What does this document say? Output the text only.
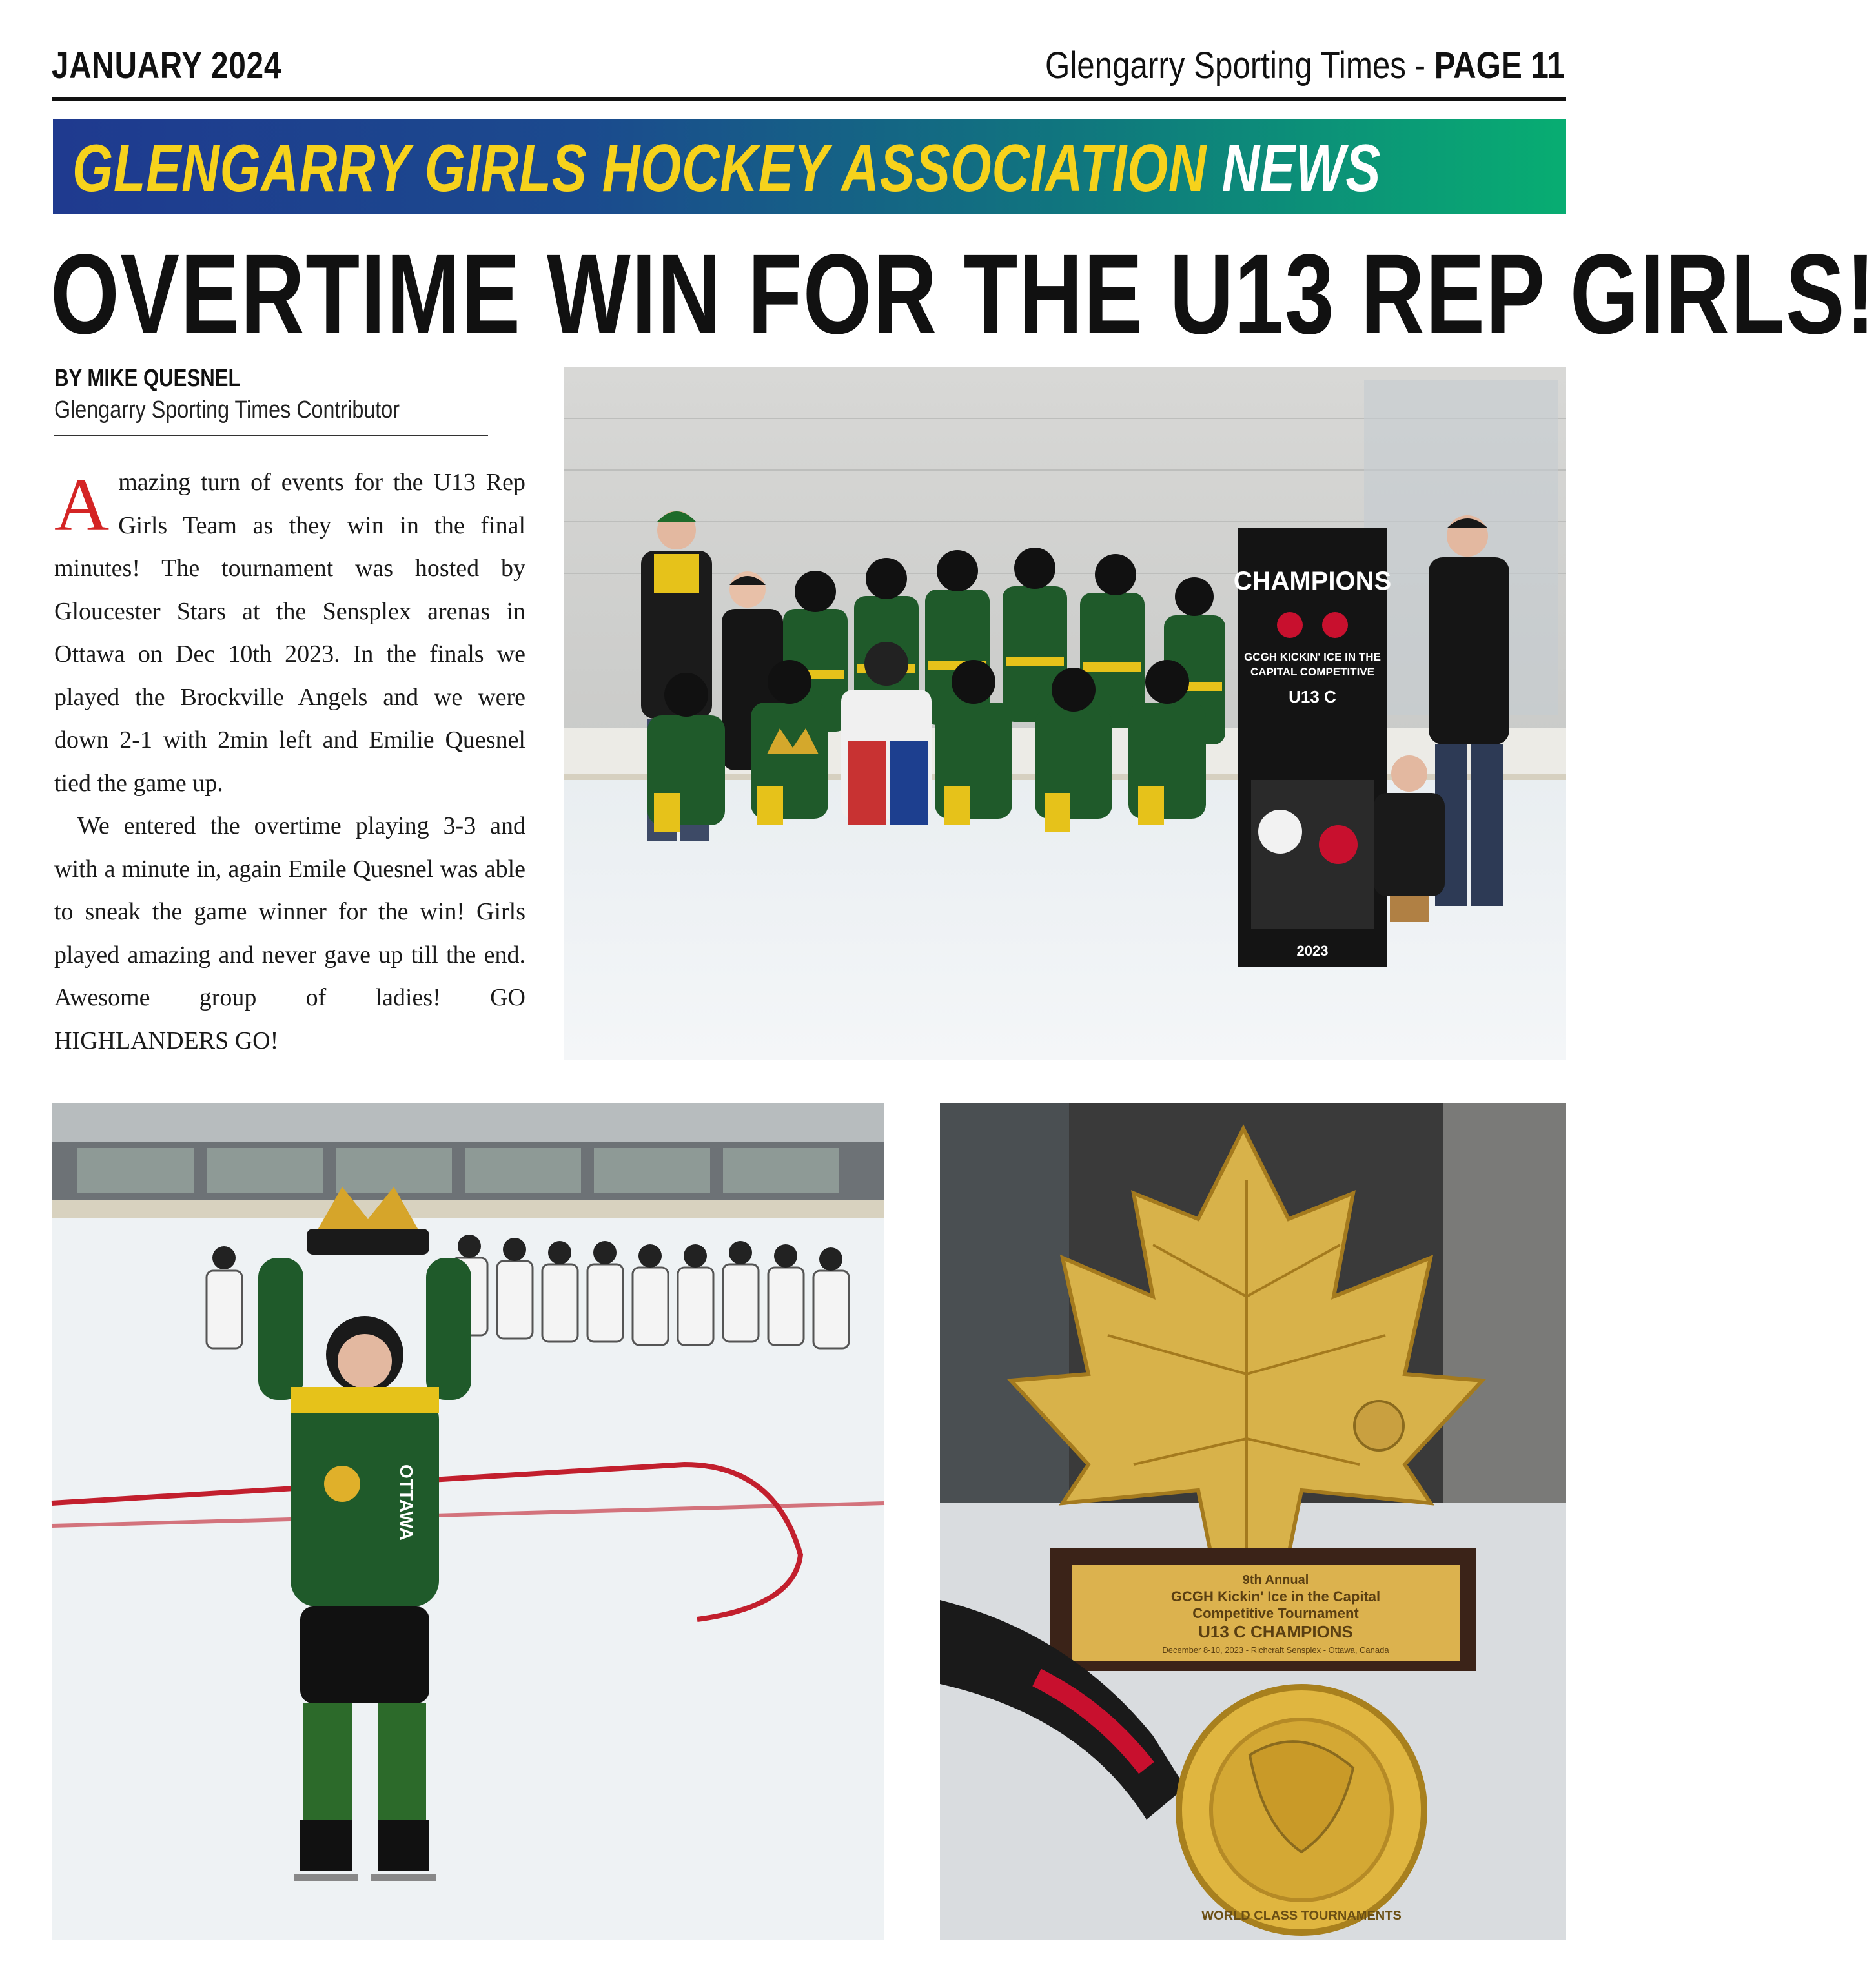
JANUARY 2024	Glengarry Sporting Times - PAGE 11
GLENGARRY GIRLS HOCKEY ASSOCIATION NEWS
OVERTIME WIN FOR THE U13 REP GIRLS!
BY MIKE QUESNEL
Glengarry Sporting Times Contributor

Amazing turn of events for the U13 Rep Girls Team as they win in the final minutes! The tournament was hosted by Gloucester Stars at the Sensplex arenas in Ottawa on Dec 10th 2023. In the finals we played the Brockville Angels and we were down 2-1 with 2min left and Emilie Quesnel tied the game up.

We entered the overtime playing 3-3 and with a minute in, again Emile Quesnel was able to sneak the game winner for the win! Girls played amazing and never gave up till the end. Awesome group of ladies! GO HIGHLANDERS GO!

CHAMPIONS
GCGH KICKIN' ICE IN THE
CAPITAL COMPETITIVE
U13 C
2023
OTTAWA
9th Annual
GCGH Kickin' Ice in the Capital
Competitive Tournament
U13 C CHAMPIONS
December 8-10, 2023 - Richcraft Sensplex - Ottawa, Canada
WORLD CLASS TOURNAMENTS
